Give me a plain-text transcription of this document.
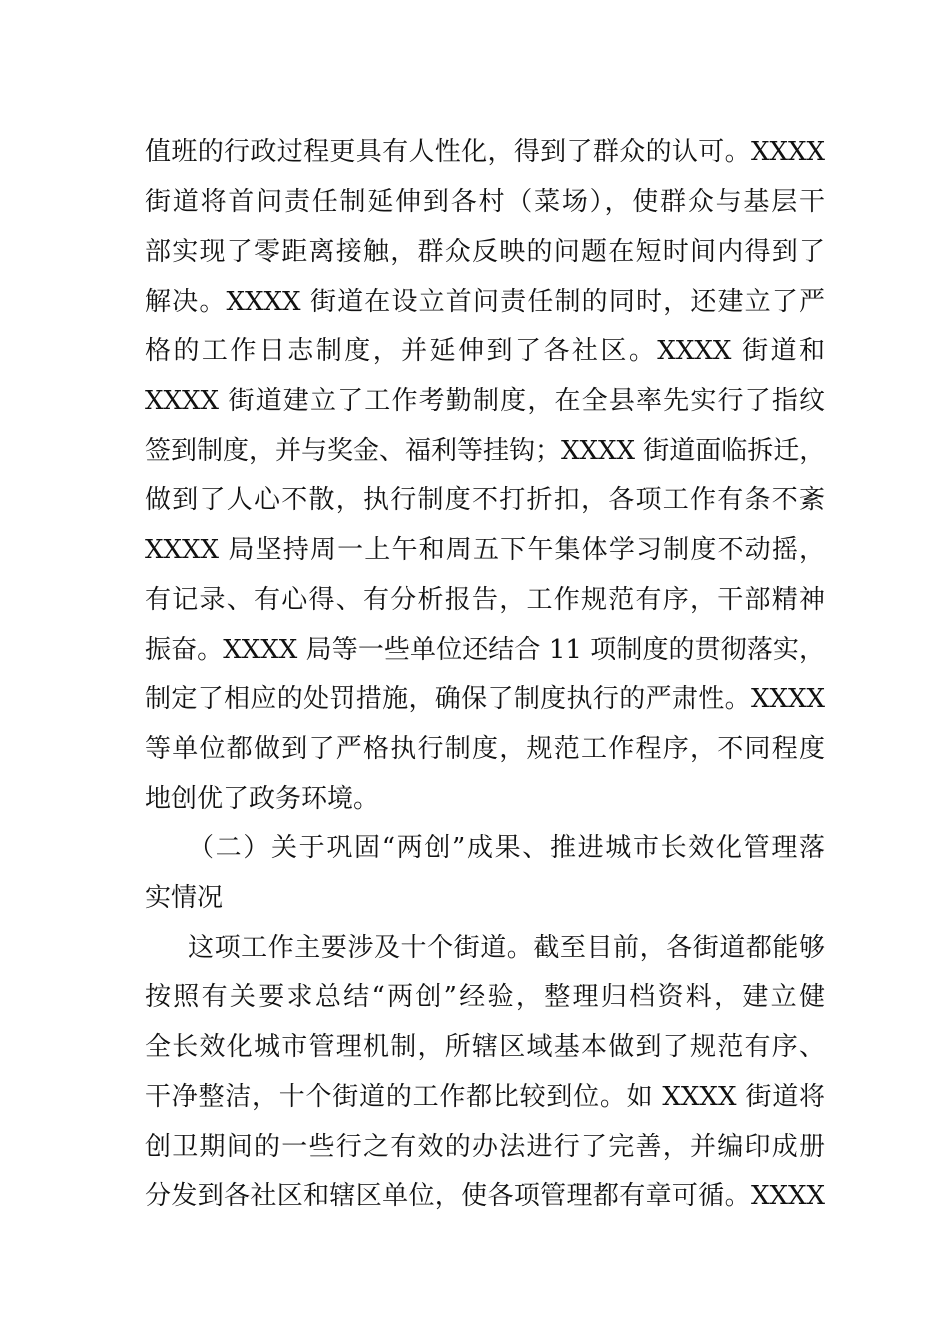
值班的行政过程更具有人性化，得到了群众的认可。XXXX
街道将首问责任制延伸到各村（菜场），使群众与基层干
部实现了零距离接触，群众反映的问题在短时间内得到了
解决。XXXX 街道在设立首问责任制的同时，还建立了严
格的工作日志制度，并延伸到了各社区。XXXX 街道和
XXXX 街道建立了工作考勤制度，在全县率先实行了指纹
签到制度，并与奖金、福利等挂钩；XXXX 街道面临拆迁，
做到了人心不散，执行制度不打折扣，各项工作有条不紊
XXXX 局坚持周一上午和周五下午集体学习制度不动摇，
有记录、有心得、有分析报告，工作规范有序，干部精神
振奋。XXXX 局等一些单位还结合 11 项制度的贯彻落实，
制定了相应的处罚措施，确保了制度执行的严肃性。XXXX
等单位都做到了严格执行制度，规范工作程序，不同程度
地创优了政务环境。
（二）关于巩固“两创”成果、推进城市长效化管理落
实情况
这项工作主要涉及十个街道。截至目前，各街道都能够
按照有关要求总结“两创”经验，整理归档资料，建立健
全长效化城市管理机制，所辖区域基本做到了规范有序、
干净整洁，十个街道的工作都比较到位。如 XXXX 街道将
创卫期间的一些行之有效的办法进行了完善，并编印成册
分发到各社区和辖区单位，使各项管理都有章可循。XXXX
